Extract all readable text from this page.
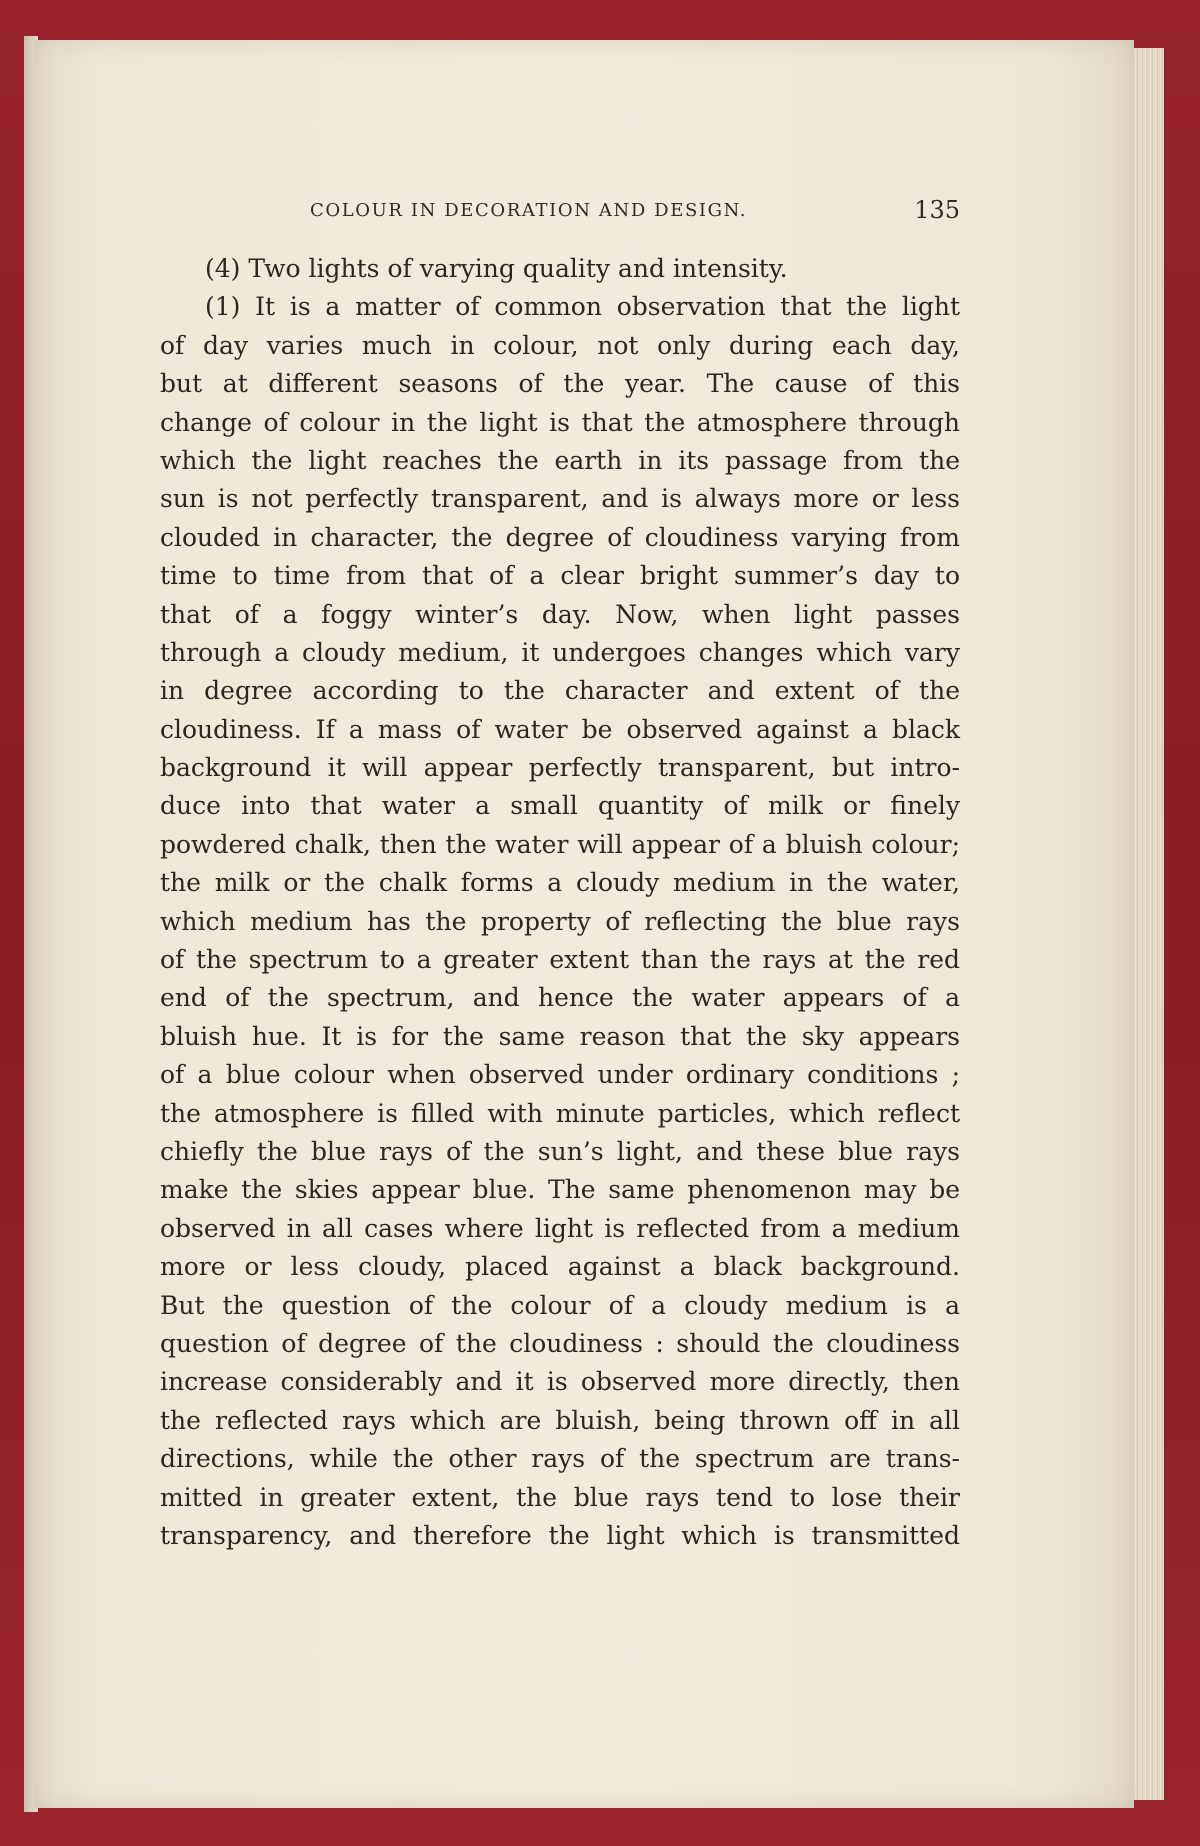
COLOUR IN DECORATION AND DESIGN.	135
(4) Two lights of varying quality and intensity.
(1) It is a matter of common observation that the light
of day varies much in colour, not only during each day,
but at different seasons of the year. The cause of this
change of colour in the light is that the atmosphere through
which the light reaches the earth in its passage from the
sun is not perfectly transparent, and is always more or less
clouded in character, the degree of cloudiness varying from
time to time from that of a clear bright summer’s day to
that of a foggy winter’s day. Now, when light passes
through a cloudy medium, it undergoes changes which vary
in degree according to the character and extent of the
cloudiness. If a mass of water be observed against a black
background it will appear perfectly transparent, but intro-
duce into that water a small quantity of milk or finely
powdered chalk, then the water will appear of a bluish colour;
the milk or the chalk forms a cloudy medium in the water,
which medium has the property of reflecting the blue rays
of the spectrum to a greater extent than the rays at the red
end of the spectrum, and hence the water appears of a
bluish hue. It is for the same reason that the sky appears
of a blue colour when observed under ordinary conditions ;
the atmosphere is filled with minute particles, which reflect
chiefly the blue rays of the sun’s light, and these blue rays
make the skies appear blue. The same phenomenon may be
observed in all cases where light is reflected from a medium
more or less cloudy, placed against a black background.
But the question of the colour of a cloudy medium is a
question of degree of the cloudiness : should the cloudiness
increase considerably and it is observed more directly, then
the reflected rays which are bluish, being thrown off in all
directions, while the other rays of the spectrum are trans-
mitted in greater extent, the blue rays tend to lose their
transparency, and therefore the light which is transmitted
